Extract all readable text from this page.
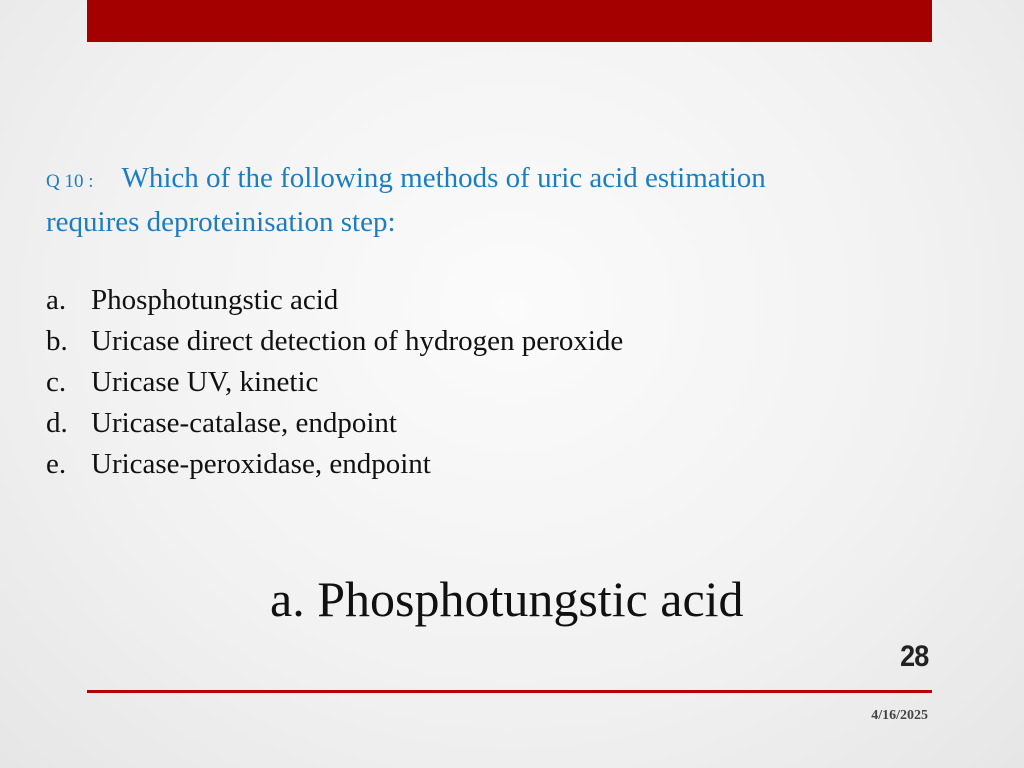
Q 10 : Which of the following methods of uric acid estimation
requires deproteinisation step:
a. Phosphotungstic acid
b. Uricase direct detection of hydrogen peroxide
c. Uricase UV, kinetic
d. Uricase-catalase, endpoint
e. Uricase-peroxidase, endpoint
a. Phosphotungstic acid
28
4/16/2025
